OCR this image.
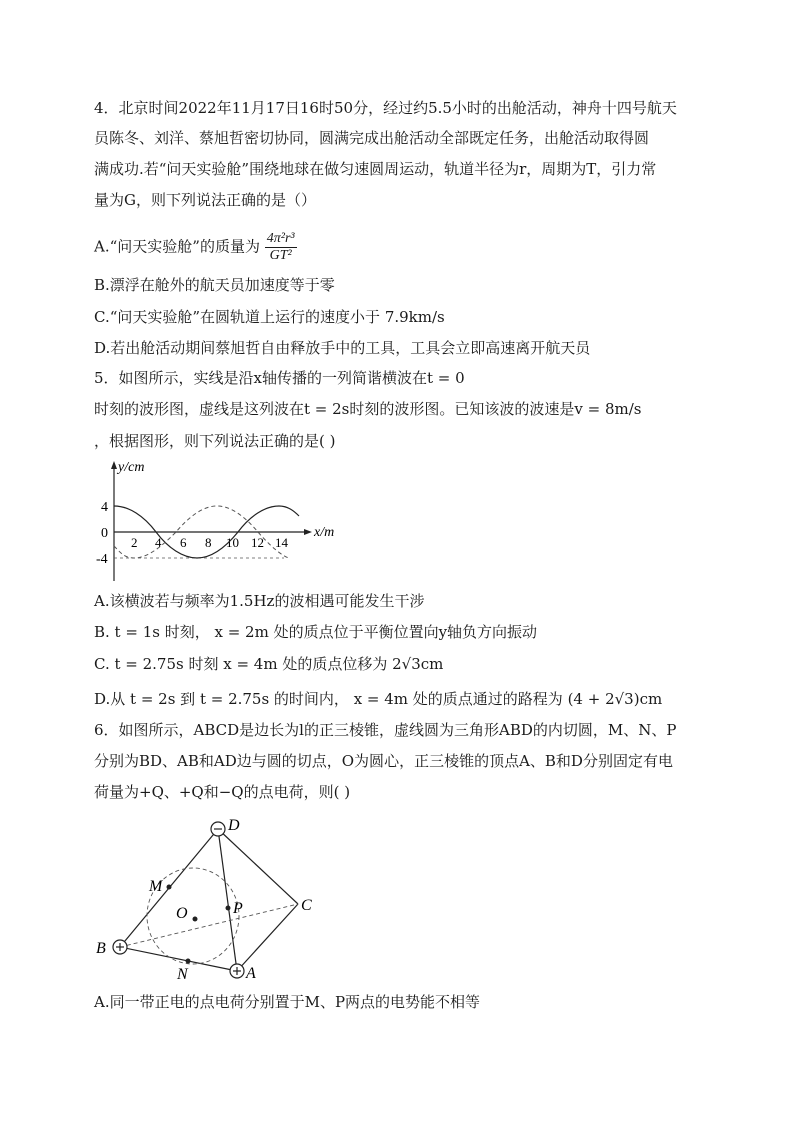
4．北京时间2022年11月17日16时50分，经过约5.5小时的出舱活动，神舟十四号航天
员陈冬、刘洋、蔡旭哲密切协同，圆满完成出舱活动全部既定任务，出舱活动取得圆
满成功.若“问天实验舱”围绕地球在做匀速圆周运动，轨道半径为r，周期为T，引力常
量为G，则下列说法正确的是（）
A.“问天实验舱”的质量为 $\frac{\text{4π²r³}}{\text{GT²}}$
B.漂浮在舱外的航天员加速度等于零
C.“问天实验舱”在圆轨道上运行的速度小于 7.9km/s
D.若出舱活动期间蔡旭哲自由释放手中的工具，工具会立即高速离开航天员
5．如图所示，实线是沿x轴传播的一列简谐横波在t = 0
时刻的波形图，虚线是这列波在t = 2s时刻的波形图。已知该波的波速是v = 8m/s
，根据图形，则下列说法正确的是( )
y/cm
x/m
4
0
-4
2 4 6 8 10 12 14
A.该横波若与频率为1.5Hz的波相遇可能发生干涉
B. t = 1s 时刻， x = 2m 处的质点位于平衡位置向y轴负方向振动
C. t = 2.75s 时刻 x = 4m 处的质点位移为 2√3cm
D.从 t = 2s 到 t = 2.75s 的时间内， x = 4m 处的质点通过的路程为 (4 + 2√3)cm
6．如图所示，ABCD是边长为l的正三棱锥，虚线圆为三角形ABD的内切圆，M、N、P
分别为BD、AB和AD边与圆的切点，O为圆心，正三棱锥的顶点A、B和D分别固定有电
荷量为+Q、+Q和−Q的点电荷，则( )
D
M
O	P	C
B
N	A
A.同一带正电的点电荷分别置于M、P两点的电势能不相等
